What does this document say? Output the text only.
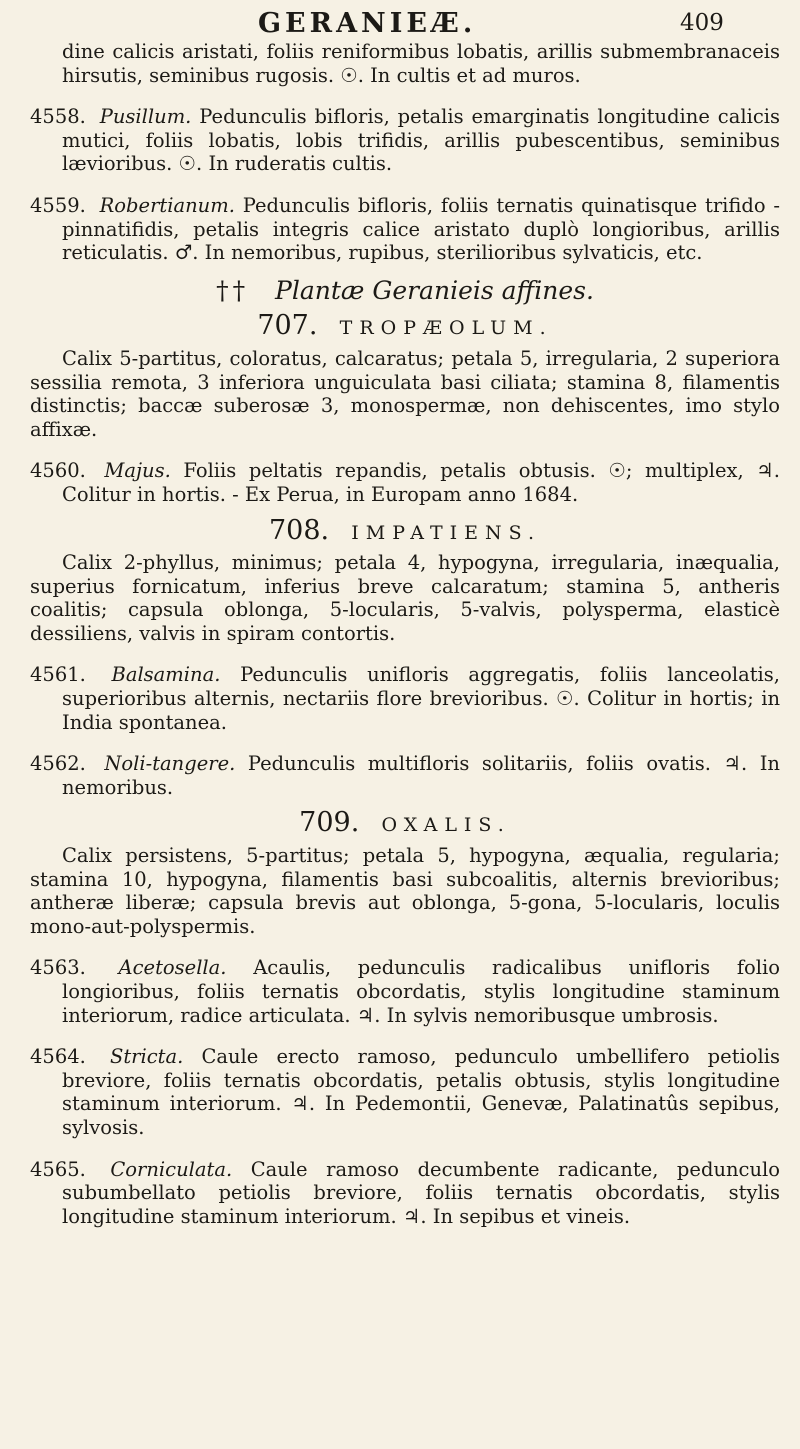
GERANIEÆ.	409

dine calicis aristati, foliis reniformibus lobatis, arillis submembranaceis hirsutis, seminibus rugosis. ☉. In cultis et ad muros.

4558. Pusillum. Pedunculis bifloris, petalis emarginatis longitudine calicis mutici, foliis lobatis, lobis trifidis, arillis pubescentibus, seminibus lævioribus. ☉. In ruderatis cultis.

4559. Robertianum. Pedunculis bifloris, foliis ternatis quinatisque trifido - pinnatifidis, petalis integris calice aristato duplò longioribus, arillis reticulatis. ♂. In nemoribus, rupibus, sterilioribus sylvaticis, etc.

†† Plantæ Geranieis affines.
707. TROPÆOLUM.

Calix 5-partitus, coloratus, calcaratus; petala 5, irregularia, 2 superiora sessilia remota, 3 inferiora unguiculata basi ciliata; stamina 8, filamentis distinctis; baccæ suberosæ 3, monospermæ, non dehiscentes, imo stylo affixæ.

4560. Majus. Foliis peltatis repandis, petalis obtusis. ☉; multiplex, ♃. Colitur in hortis. - Ex Perua, in Europam anno 1684.

708. IMPATIENS.

Calix 2-phyllus, minimus; petala 4, hypogyna, irregularia, inæqualia, superius fornicatum, inferius breve calcaratum; stamina 5, antheris coalitis; capsula oblonga, 5-locularis, 5-valvis, polysperma, elasticè dessiliens, valvis in spiram contortis.

4561. Balsamina. Pedunculis unifloris aggregatis, foliis lanceolatis, superioribus alternis, nectariis flore brevioribus. ☉. Colitur in hortis; in India spontanea.

4562. Noli-tangere. Pedunculis multifloris solitariis, foliis ovatis. ♃. In nemoribus.

709. OXALIS.

Calix persistens, 5-partitus; petala 5, hypogyna, æqualia, regularia; stamina 10, hypogyna, filamentis basi subcoalitis, alternis brevioribus; antheræ liberæ; capsula brevis aut oblonga, 5-gona, 5-locularis, loculis mono-aut-polyspermis.

4563. Acetosella. Acaulis, pedunculis radicalibus unifloris folio longioribus, foliis ternatis obcordatis, stylis longitudine staminum interiorum, radice articulata. ♃. In sylvis nemoribusque umbrosis.

4564. Stricta. Caule erecto ramoso, pedunculo umbellifero petiolis breviore, foliis ternatis obcordatis, petalis obtusis, stylis longitudine staminum interiorum. ♃. In Pedemontii, Genevæ, Palatinatûs sepibus, sylvosis.

4565. Corniculata. Caule ramoso decumbente radicante, pedunculo subumbellato petiolis breviore, foliis ternatis obcordatis, stylis longitudine staminum interiorum. ♃. In sepibus et vineis.
